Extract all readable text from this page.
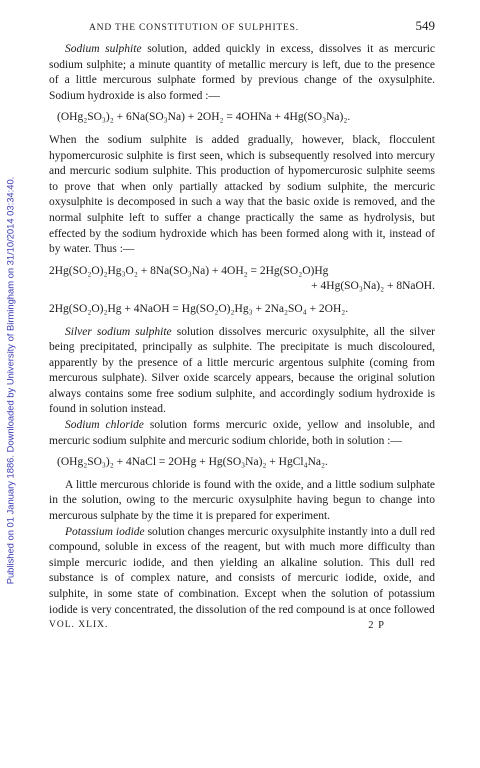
Published on 01 January 1886. Downloaded by University of Birmingham on 31/10/2014 03:34:40.
AND THE CONSTITUTION OF SULPHITES.	549

Sodium sulphite solution, added quickly in excess, dissolves it as mercuric sodium sulphite; a minute quantity of metallic mercury is left, due to the presence of a little mercurous sulphate formed by previous change of the oxysulphite. Sodium hydroxide is also formed :—

(OHg₂SO₃)₂ + 6Na(SO₃Na) + 2OH₂ = 4OHNa + 4Hg(SO₃Na)₂.

When the sodium sulphite is added gradually, however, black, flocculent hypomercurosic sulphite is first seen, which is subsequently resolved into mercury and mercuric sodium sulphite. This production of hypomercurosic sulphite seems to prove that when only partially attacked by sodium sulphite, the mercuric oxysulphite is decomposed in such a way that the basic oxide is removed, and the normal sulphite left to suffer a change practically the same as hydrolysis, but effected by the sodium hydroxide which has been formed along with it, instead of by water. Thus :—

2Hg(SO₂O)₂Hg₃O₂ + 8Na(SO₃Na) + 4OH₂ = 2Hg(SO₂O)Hg
+ 4Hg(SO₃Na)₂ + 8NaOH.
2Hg(SO₂O)₂Hg + 4NaOH = Hg(SO₂O)₂Hg₃ + 2Na₂SO₄ + 2OH₂.

Silver sodium sulphite solution dissolves mercuric oxysulphite, all the silver being precipitated, principally as sulphite. The precipitate is much discoloured, apparently by the presence of a little mercuric argentous sulphite (coming from mercurous sulphate). Silver oxide scarcely appears, because the original solution always contains some free sodium sulphite, and accordingly sodium hydroxide is found in solution instead.

Sodium chloride solution forms mercuric oxide, yellow and insoluble, and mercuric sodium sulphite and mercuric sodium chloride, both in solution :—

(OHg₂SO₃)₂ + 4NaCl = 2OHg + Hg(SO₃Na)₂ + HgCl₄Na₂.

A little mercurous chloride is found with the oxide, and a little sodium sulphate in the solution, owing to the mercuric oxysulphite having begun to change into mercurous sulphate by the time it is prepared for experiment.

Potassium iodide solution changes mercuric oxysulphite instantly into a dull red compound, soluble in excess of the reagent, but with much more difficulty than simple mercuric iodide, and then yielding an alkaline solution. This dull red substance is of complex nature, and consists of mercuric iodide, oxide, and sulphite, in some state of combination. Except when the solution of potassium iodide is very concentrated, the dissolution of the red compound is at once followed

VOL. XLIX.	2 P
